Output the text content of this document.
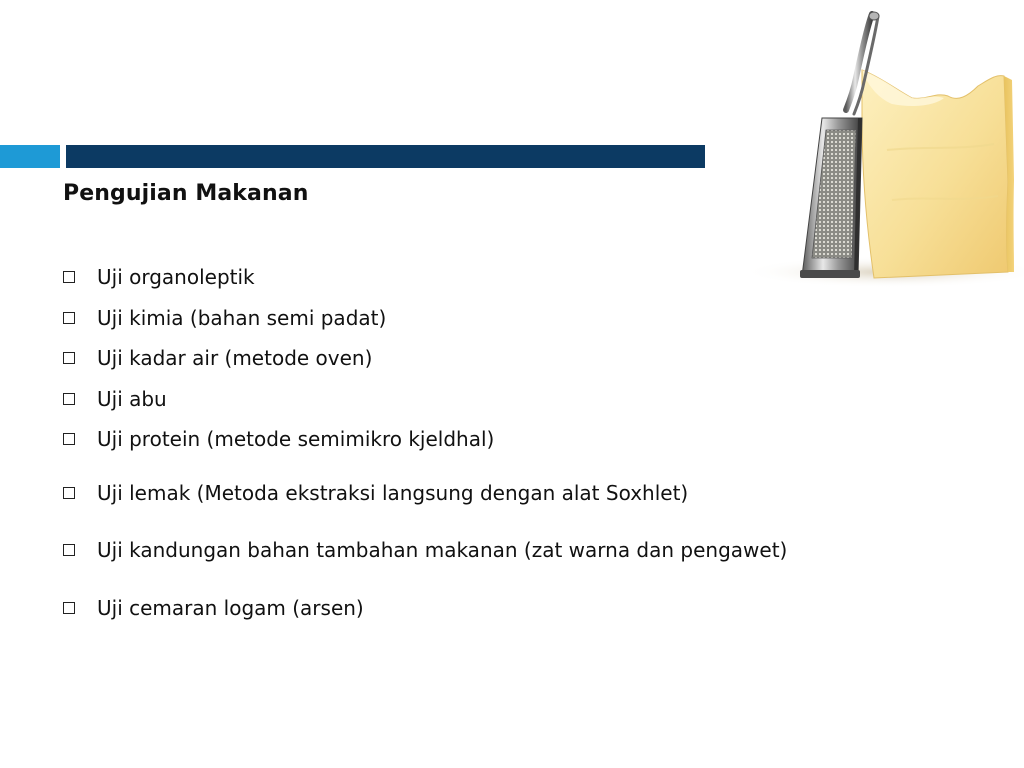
Pengujian Makanan
Uji organoleptik
Uji kimia (bahan semi padat)
Uji kadar air (metode oven)
Uji abu
Uji protein (metode semimikro kjeldhal)
Uji lemak (Metoda ekstraksi langsung dengan alat Soxhlet)
Uji kandungan bahan tambahan makanan (zat warna dan pengawet)
Uji cemaran logam (arsen)
